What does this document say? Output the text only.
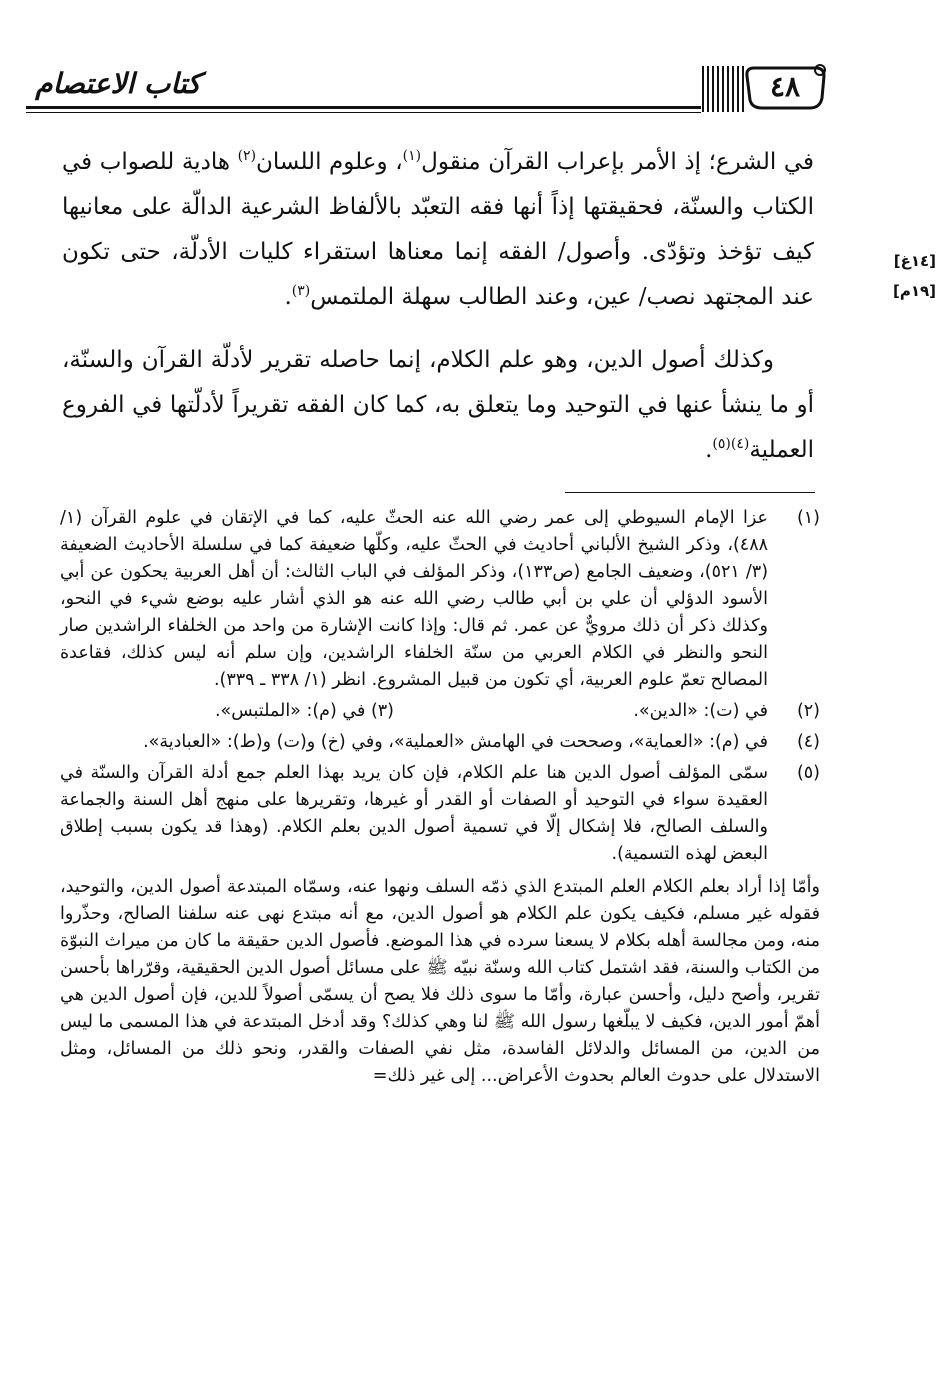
كتاب الاعتصام	٤٨
[١٤غ]
[١٩م]

في الشرع؛ إذ الأمر بإعراب القرآن منقول$^{(١)}$، وعلوم اللسان$^{(٢)}$ هادية للصواب في الكتاب والسنّة، فحقيقتها إذاً أنها فقه التعبّد بالألفاظ الشرعية الدالّة على معانيها كيف تؤخذ وتؤدّى. وأصول/ الفقه إنما معناها استقراء كليات الأدلّة، حتى تكون عند المجتهد نصب/ عين، وعند الطالب سهلة الملتمس$^{(٣)}$.

وكذلك أصول الدين، وهو علم الكلام، إنما حاصله تقرير لأدلّة القرآن والسنّة، أو ما ينشأ عنها في التوحيد وما يتعلق به، كما كان الفقه تقريراً لأدلّتها في الفروع العملية$^{(٤)(٥)}$.

(١)
عزا الإمام السيوطي إلى عمر رضي الله عنه الحثّ عليه، كما في الإتقان في علوم القرآن (١/ ٤٨٨)، وذكر الشيخ الألباني أحاديث في الحثّ عليه، وكلّها ضعيفة كما في سلسلة الأحاديث الضعيفة (٣/ ٥٢١)، وضعيف الجامع (ص١٣٣)، وذكر المؤلف في الباب الثالث: أن أهل العربية يحكون عن أبي الأسود الدؤلي أن علي بن أبي طالب رضي الله عنه هو الذي أشار عليه بوضع شيء في النحو، وكذلك ذكر أن ذلك مرويٌّ عن عمر. ثم قال: وإذا كانت الإشارة من واحد من الخلفاء الراشدين صار النحو والنظر في الكلام العربي من سنّة الخلفاء الراشدين، وإن سلم أنه ليس كذلك، فقاعدة المصالح تعمّ علوم العربية، أي تكون من قبيل المشروع. انظر (١/ ٣٣٨ ـ ٣٣٩).
(٢)
في (ت): «الدين».
(٣) في (م): «الملتبس».
(٤)
في (م): «العماية»، وصححت في الهامش «العملية»، وفي (خ) و(ت) و(ط): «العبادية».
(٥)
سمّى المؤلف أصول الدين هنا علم الكلام، فإن كان يريد بهذا العلم جمع أدلة القرآن والسنّة في العقيدة سواء في التوحيد أو الصفات أو القدر أو غيرها، وتقريرها على منهج أهل السنة والجماعة والسلف الصالح، فلا إشكال إلّا في تسمية أصول الدين بعلم الكلام. (وهذا قد يكون بسبب إطلاق البعض لهذه التسمية).
وأمّا إذا أراد بعلم الكلام العلم المبتدع الذي ذمّه السلف ونهوا عنه، وسمّاه المبتدعة أصول الدين، والتوحيد، فقوله غير مسلم، فكيف يكون علم الكلام هو أصول الدين، مع أنه مبتدع نهى عنه سلفنا الصالح، وحذّروا منه، ومن مجالسة أهله بكلام لا يسعنا سرده في هذا الموضع. فأصول الدين حقيقة ما كان من ميراث النبوّة من الكتاب والسنة، فقد اشتمل كتاب الله وسنّة نبيّه ﷺ على مسائل أصول الدين الحقيقية، وقرّراها بأحسن تقرير، وأصح دليل، وأحسن عبارة، وأمّا ما سوى ذلك فلا يصح أن يسمّى أصولاً للدين، فإن أصول الدين هي أهمّ أمور الدين، فكيف لا يبلّغها رسول الله ﷺ لنا وهي كذلك؟ وقد أدخل المبتدعة في هذا المسمى ما ليس من الدين، من المسائل والدلائل الفاسدة، مثل نفي الصفات والقدر، ونحو ذلك من المسائل، ومثل الاستدلال على حدوث العالم بحدوث الأعراض... إلى غير ذلك=
